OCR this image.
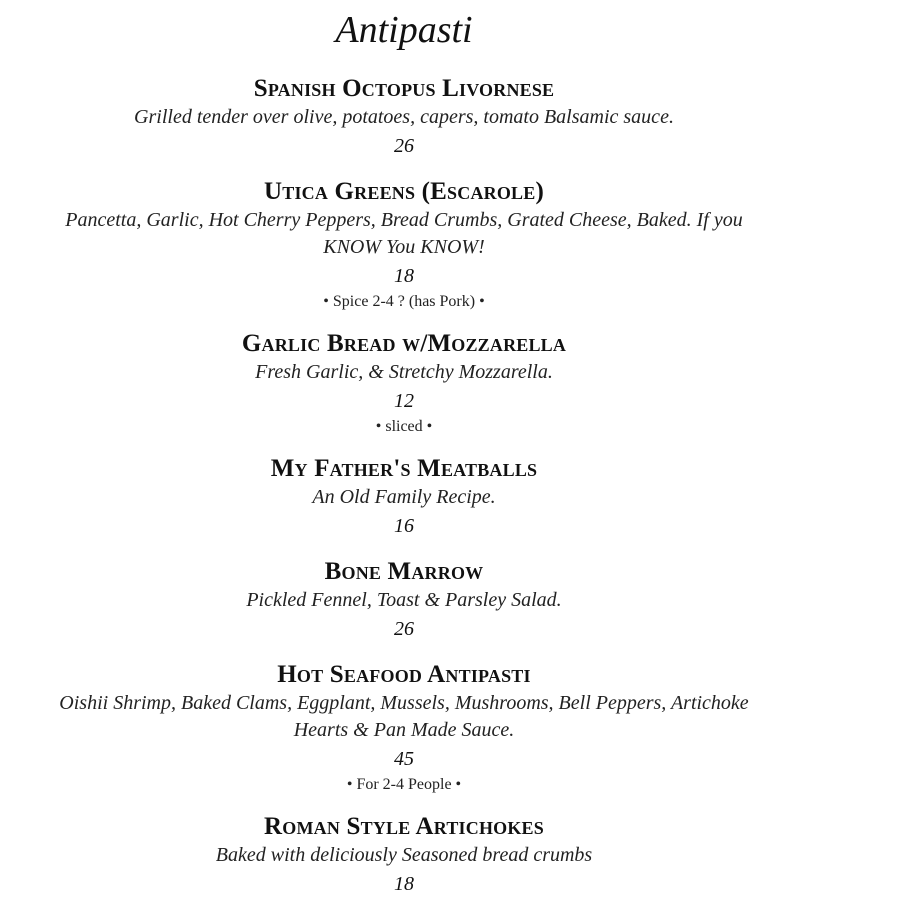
Antipasti
Spanish Octopus Livornese
Grilled tender over olive, potatoes, capers, tomato Balsamic sauce.
26
Utica Greens (Escarole)
Pancetta, Garlic, Hot Cherry Peppers, Bread Crumbs, Grated Cheese, Baked. If you KNOW You KNOW!
18
• Spice 2-4 ? (has Pork) •
Garlic Bread w/Mozzarella
Fresh Garlic, & Stretchy Mozzarella.
12
• sliced •
My Father's Meatballs
An Old Family Recipe.
16
Bone Marrow
Pickled Fennel, Toast & Parsley Salad.
26
Hot Seafood Antipasti
Oishii Shrimp, Baked Clams, Eggplant, Mussels, Mushrooms, Bell Peppers, Artichoke Hearts & Pan Made Sauce.
45
• For 2-4 People •
Roman Style Artichokes
Baked with deliciously Seasoned bread crumbs
18
